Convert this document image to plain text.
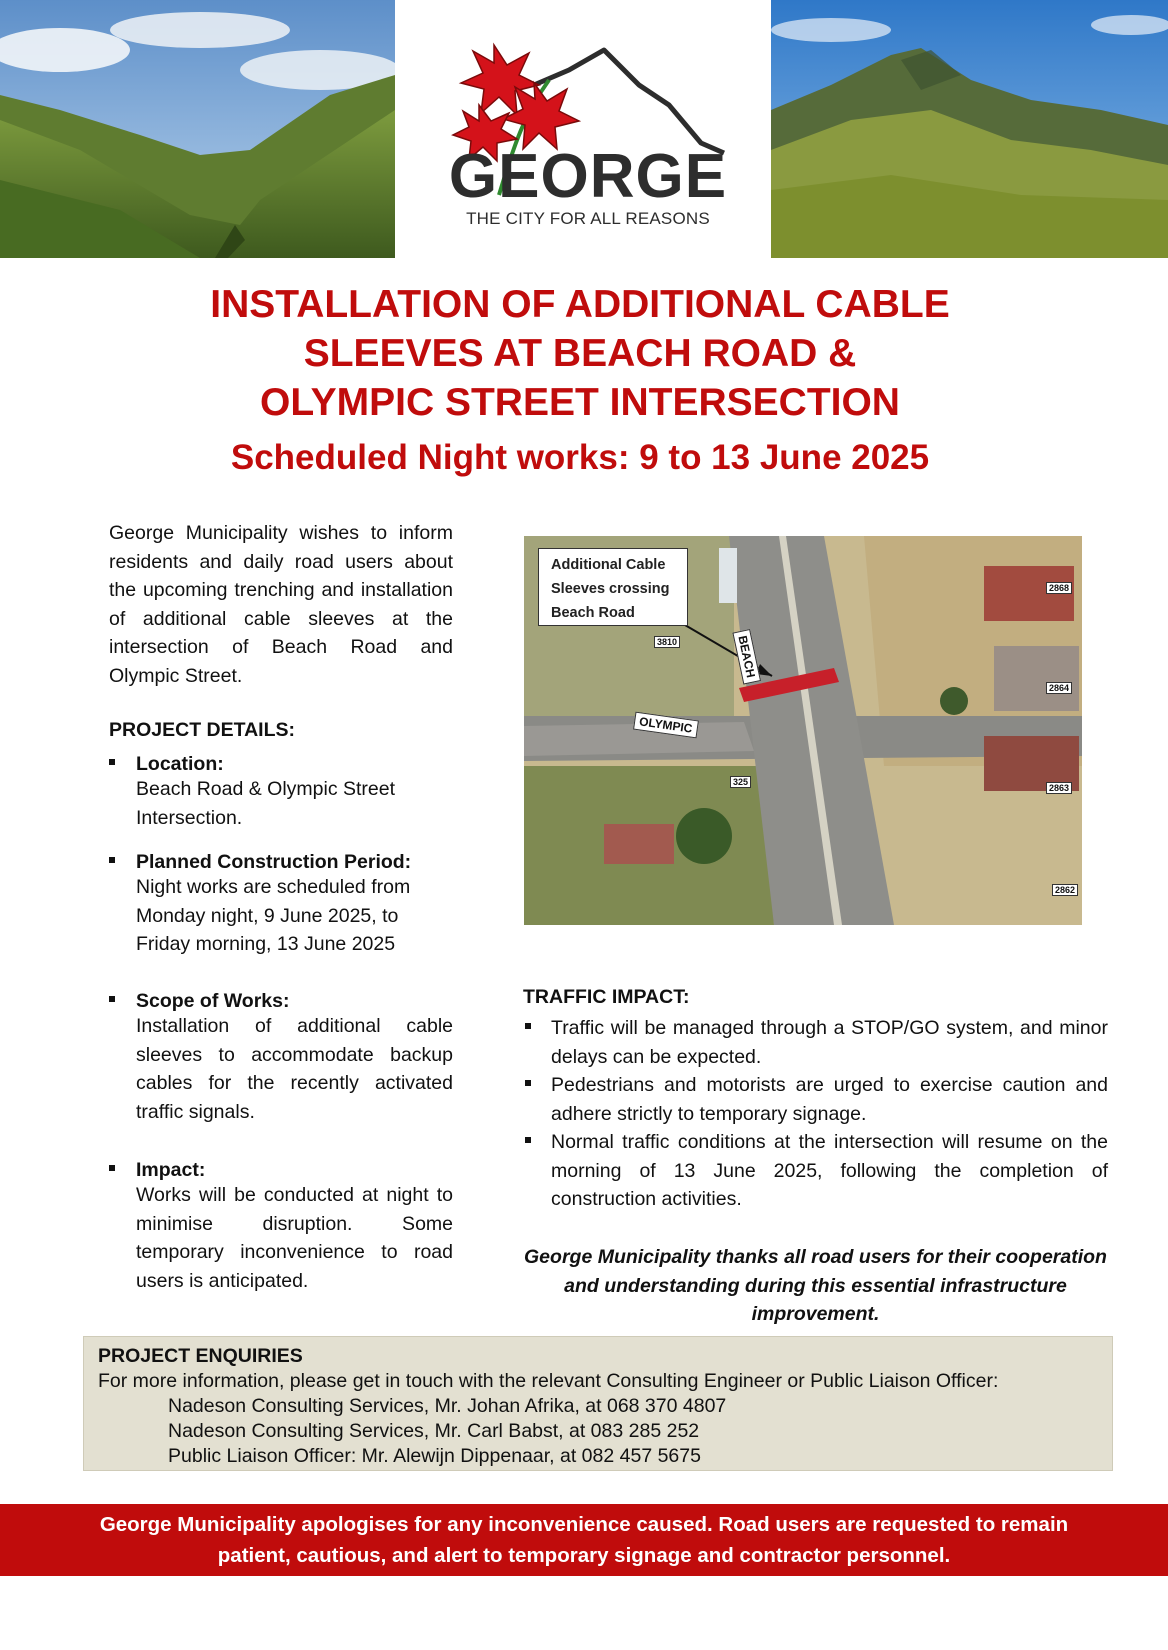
GEORGE
THE CITY FOR ALL REASONS
INSTALLATION OF ADDITIONAL CABLE
SLEEVES AT BEACH ROAD &
OLYMPIC STREET INTERSECTION
Scheduled Night works: 9 to 13 June 2025
George Municipality wishes to inform residents and daily road users about the upcoming trenching and installation of additional cable sleeves at the intersection of Beach Road and Olympic Street.
PROJECT DETAILS:
Location:
Beach Road & Olympic Street Intersection.
Planned Construction Period:
Night works are scheduled from Monday night, 9 June 2025, to Friday morning, 13 June 2025
Scope of Works:
Installation of additional cable sleeves to accommodate backup cables for the recently activated traffic signals.
Impact:
Works will be conducted at night to minimise disruption. Some temporary inconvenience to road users is anticipated.
Additional Cable
Sleeves crossing
Beach Road
BEACH
OLYMPIC
3810
2868
2864
2863
2862
325
TRAFFIC IMPACT:
Traffic will be managed through a STOP/GO system, and minor delays can be expected.
Pedestrians and motorists are urged to exercise caution and adhere strictly to temporary signage.
Normal traffic conditions at the intersection will resume on the morning of 13 June 2025, following the completion of construction activities.
George Municipality thanks all road users for their cooperation and understanding during this essential infrastructure improvement.
PROJECT ENQUIRIES
For more information, please get in touch with the relevant Consulting Engineer or Public Liaison Officer:
Nadeson Consulting Services, Mr. Johan Afrika, at 068 370 4807
Nadeson Consulting Services, Mr. Carl Babst, at 083 285 252
Public Liaison Officer: Mr. Alewijn Dippenaar, at 082 457 5675
George Municipality apologises for any inconvenience caused. Road users are requested to remain
patient, cautious, and alert to temporary signage and contractor personnel.
